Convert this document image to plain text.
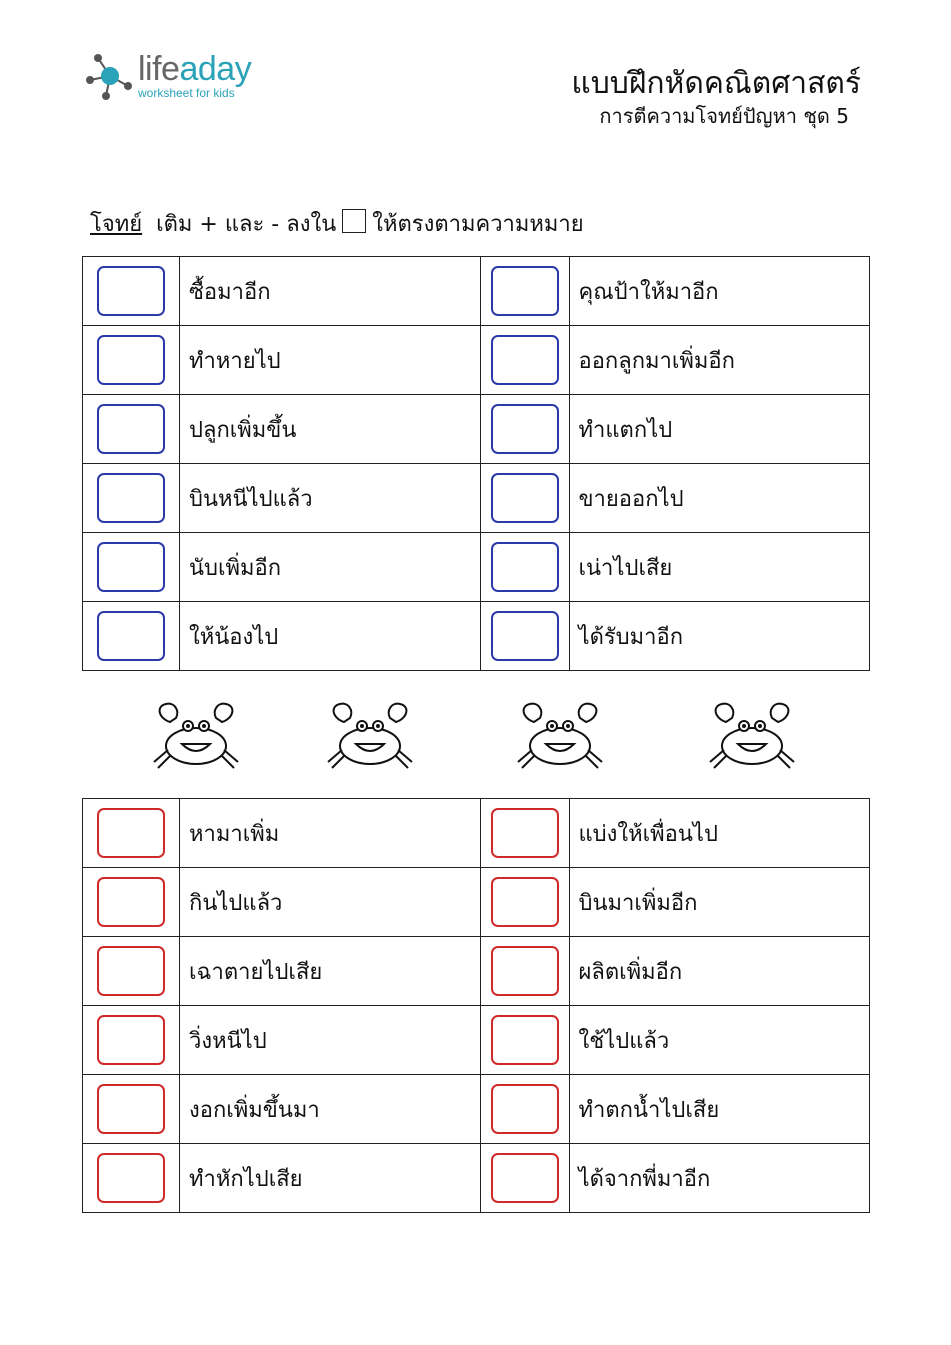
lifeaday
worksheet for kids	แบบฝึกหัดคณิตศาสตร์
การตีความโจทย์ปัญหา ชุด 5
โจทย์ เติม + และ - ลงใน ให้ตรงตามความหมาย
	ซื้อมาอีก		คุณป้าให้มาอีก
	ทำหายไป		ออกลูกมาเพิ่มอีก
	ปลูกเพิ่มขึ้น		ทำแตกไป
	บินหนีไปแล้ว		ขายออกไป
	นับเพิ่มอีก		เน่าไปเสีย
	ให้น้องไป		ได้รับมาอีก
	หามาเพิ่ม		แบ่งให้เพื่อนไป
	กินไปแล้ว		บินมาเพิ่มอีก
	เฉาตายไปเสีย		ผลิตเพิ่มอีก
	วิ่งหนีไป		ใช้ไปแล้ว
	งอกเพิ่มขึ้นมา		ทำตกน้ำไปเสีย
	ทำหักไปเสีย		ได้จากพี่มาอีก
